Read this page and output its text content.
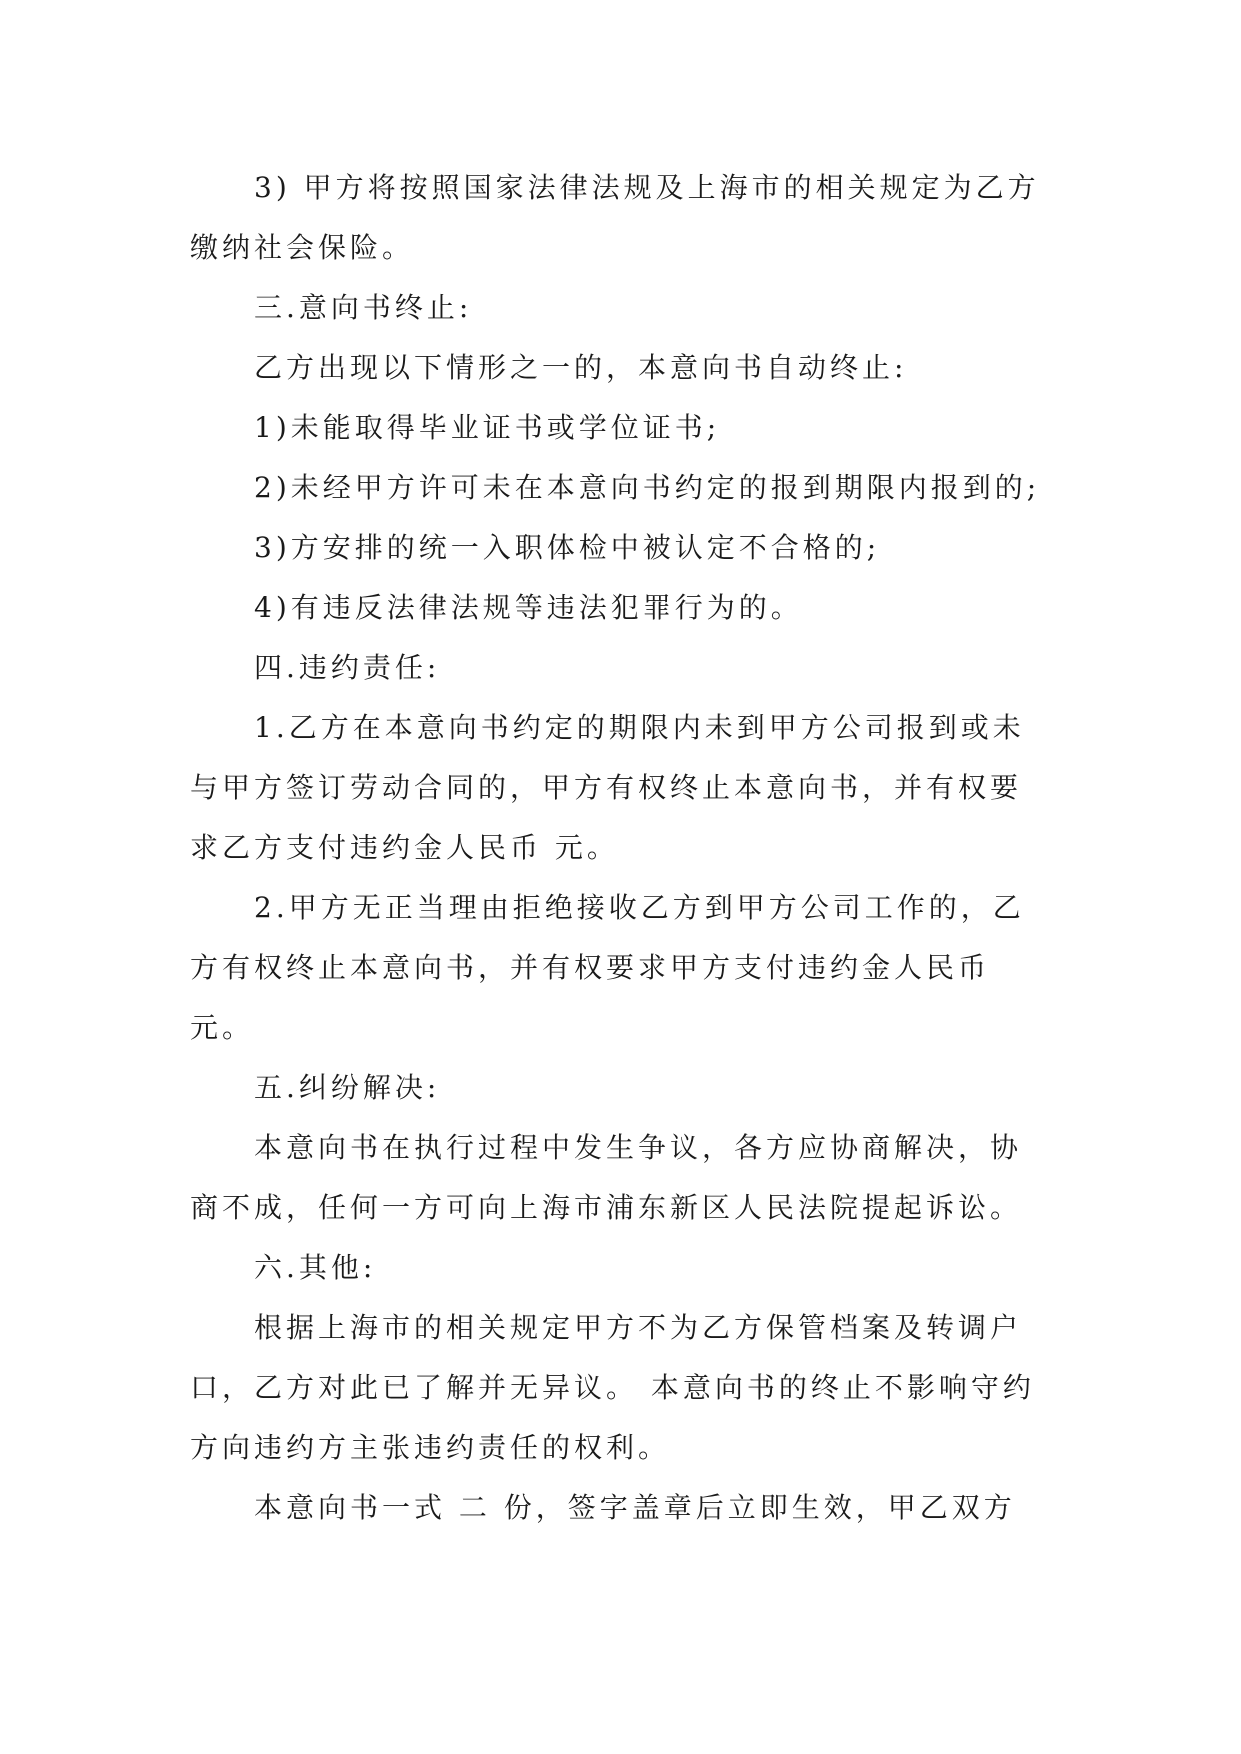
3) 甲方将按照国家法律法规及上海市的相关规定为乙方缴纳社会保险。

三.意向书终止:

乙方出现以下情形之一的，本意向书自动终止:

1)未能取得毕业证书或学位证书;

2)未经甲方许可未在本意向书约定的报到期限内报到的;

3)方安排的统一入职体检中被认定不合格的;

4)有违反法律法规等违法犯罪行为的。

四.违约责任:

1.乙方在本意向书约定的期限内未到甲方公司报到或未与甲方签订劳动合同的，甲方有权终止本意向书，并有权要求乙方支付违约金人民币 元。

2.甲方无正当理由拒绝接收乙方到甲方公司工作的，乙方有权终止本意向书，并有权要求甲方支付违约金人民币 元。

五.纠纷解决:

本意向书在执行过程中发生争议，各方应协商解决，协商不成，任何一方可向上海市浦东新区人民法院提起诉讼。

六.其他:

根据上海市的相关规定甲方不为乙方保管档案及转调户口，乙方对此已了解并无异议。 本意向书的终止不影响守约方向违约方主张违约责任的权利。

本意向书一式 二 份，签字盖章后立即生效，甲乙双方
